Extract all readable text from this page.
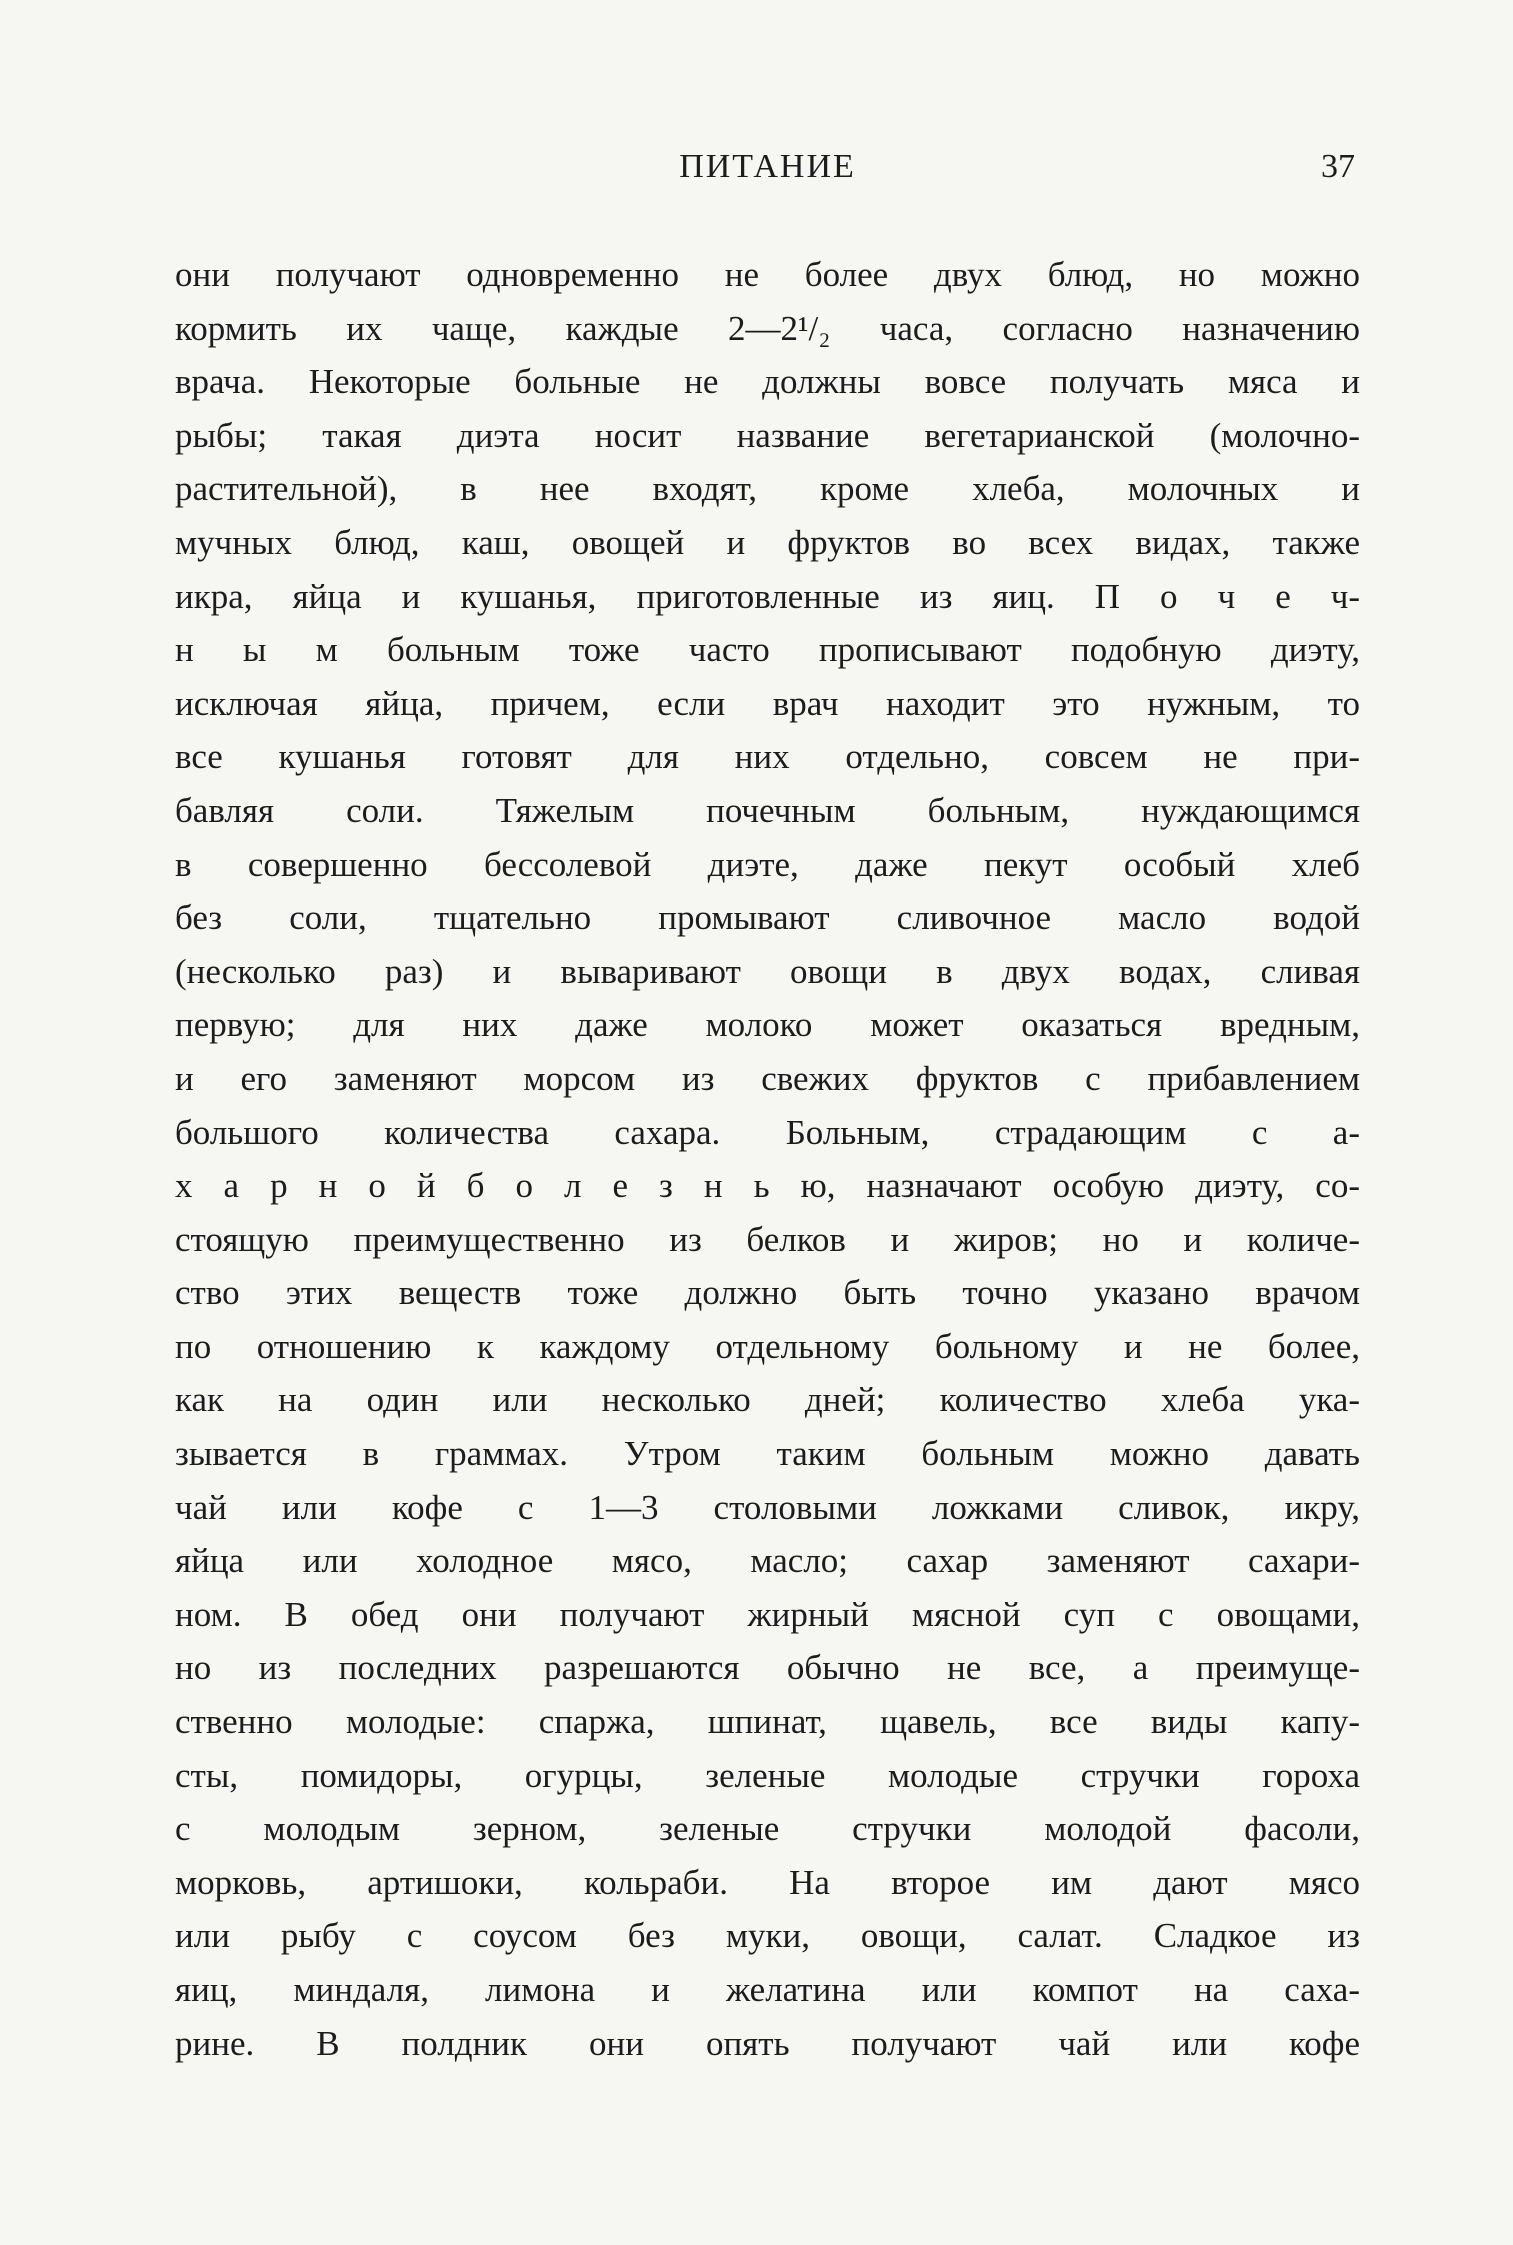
ПИТАНИЕ	37
они получают одновременно не более двух блюд, но можно
кормить их чаще, каждые 2—2¹/₂ часа, согласно назначению
врача. Некоторые больные не должны вовсе получать мяса и
рыбы; такая диэта носит название вегетарианской (молочно-
растительной), в нее входят, кроме хлеба, молочных и
мучных блюд, каш, овощей и фруктов во всех видах, также
икра, яйца и кушанья, приготовленные из яиц. П о ч е ч-
н ы м больным тоже часто прописывают подобную диэту,
исключая яйца, причем, если врач находит это нужным, то
все кушанья готовят для них отдельно, совсем не при-
бавляя соли. Тяжелым почечным больным, нуждающимся
в совершенно бессолевой диэте, даже пекут особый хлеб
без соли, тщательно промывают сливочное масло водой
(несколько раз) и вываривают овощи в двух водах, сливая
первую; для них даже молоко может оказаться вредным,
и его заменяют морсом из свежих фруктов с прибавлением
большого количества сахара. Больным, страдающим с а-
х а р н о й б о л е з н ь ю, назначают особую диэту, со-
стоящую преимущественно из белков и жиров; но и количе-
ство этих веществ тоже должно быть точно указано врачом
по отношению к каждому отдельному больному и не более,
как на один или несколько дней; количество хлеба ука-
зывается в граммах. Утром таким больным можно давать
чай или кофе с 1—3 столовыми ложками сливок, икру,
яйца или холодное мясо, масло; сахар заменяют сахари-
ном. В обед они получают жирный мясной суп с овощами,
но из последних разрешаются обычно не все, а преимуще-
ственно молодые: спаржа, шпинат, щавель, все виды капу-
сты, помидоры, огурцы, зеленые молодые стручки гороха
с молодым зерном, зеленые стручки молодой фасоли,
морковь, артишоки, кольраби. На второе им дают мясо
или рыбу с соусом без муки, овощи, салат. Сладкое из
яиц, миндаля, лимона и желатина или компот на саха-
рине. В полдник они опять получают чай или кофе
